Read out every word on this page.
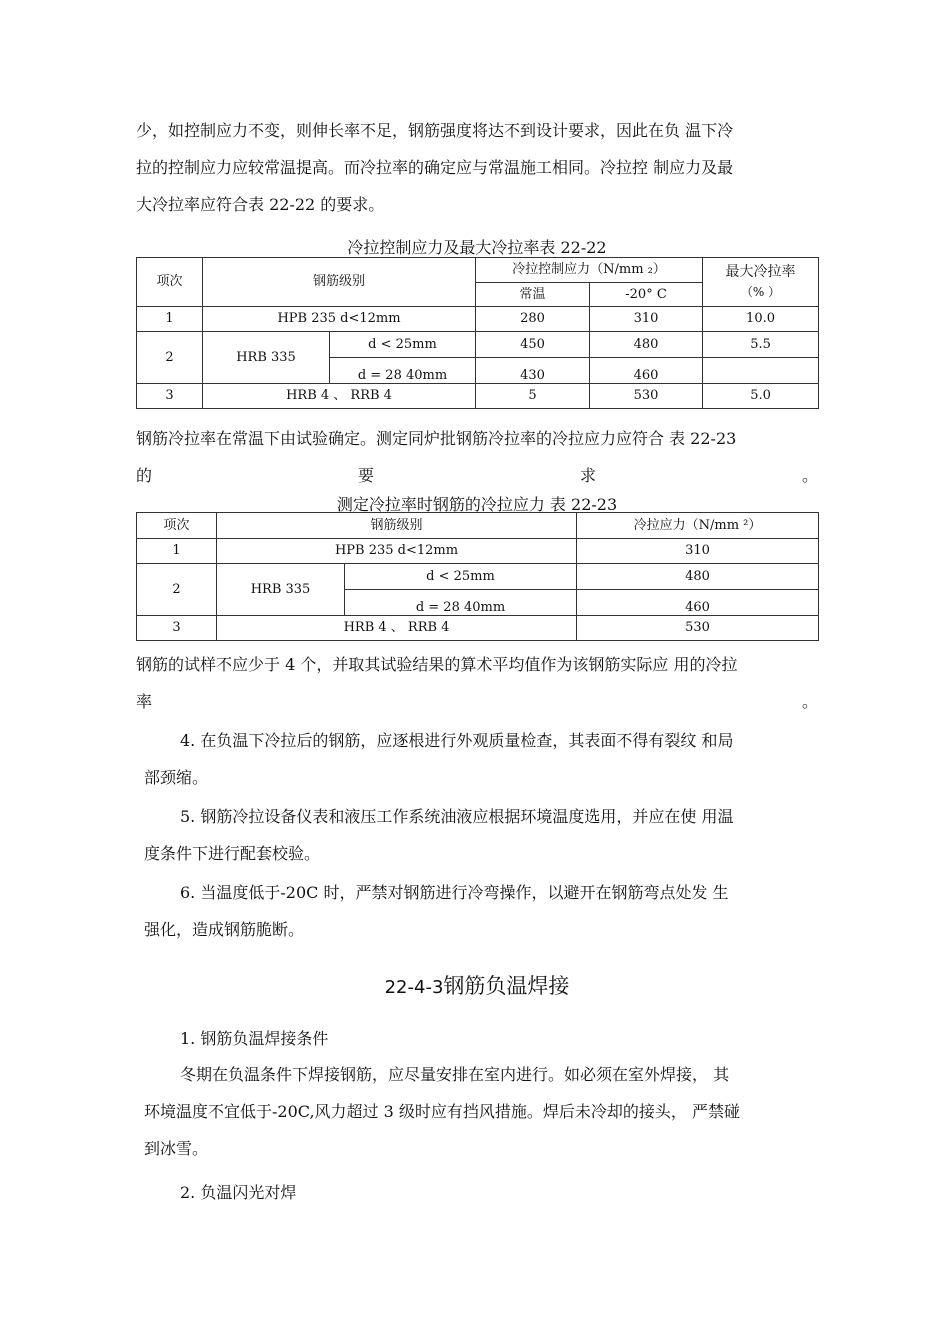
少，如控制应力不变，则伸长率不足，钢筋强度将达不到设计要求，因此在负 温下冷
拉的控制应力应较常温提高。而冷拉率的确定应与常温施工相同。冷拉控 制应力及最
大冷拉率应符合表 22-22 的要求。
冷拉控制应力及最大冷拉率表 22-22
项次	钢筋级别		冷拉控制应力（N/mm ₂）		最大冷拉率
（% ）

			常温	-20° C	
1	HPB 235 d<12mm		280	310	10.0
2	HRB 335	d < 25mm	450	480	5.5
		d = 28 40mm	430	460	
3	HRB 4 、 RRB 4		5	530	5.0
钢筋冷拉率在常温下由试验确定。测定同炉批钢筋冷拉率的冷拉应力应符合 表 22-23
的	要	求	。
测定冷拉率时钢筋的冷拉应力 表 22-23
项次	钢筋级别		冷拉应力（N/mm ²）
1	HPB 235 d<12mm		310
2	HRB 335	d < 25mm	480
		d = 28 40mm	460
3	HRB 4 、 RRB 4		530
钢筋的试样不应少于 4 个，并取其试验结果的算术平均值作为该钢筋实际应 用的冷拉
率	。
4. 在负温下冷拉后的钢筋，应逐根进行外观质量检查，其表面不得有裂纹 和局
部颈缩。
5. 钢筋冷拉设备仪表和液压工作系统油液应根据环境温度选用，并应在使 用温
度条件下进行配套校验。
6. 当温度低于-20C 时，严禁对钢筋进行冷弯操作，以避开在钢筋弯点处发 生
强化，造成钢筋脆断。
22-4-3钢筋负温焊接
1. 钢筋负温焊接条件
冬期在负温条件下焊接钢筋，应尽量安排在室内进行。如必须在室外焊接， 其
环境温度不宜低于-20C,风力超过 3 级时应有挡风措施。焊后未冷却的接头， 严禁碰
到冰雪。
2. 负温闪光对焊
